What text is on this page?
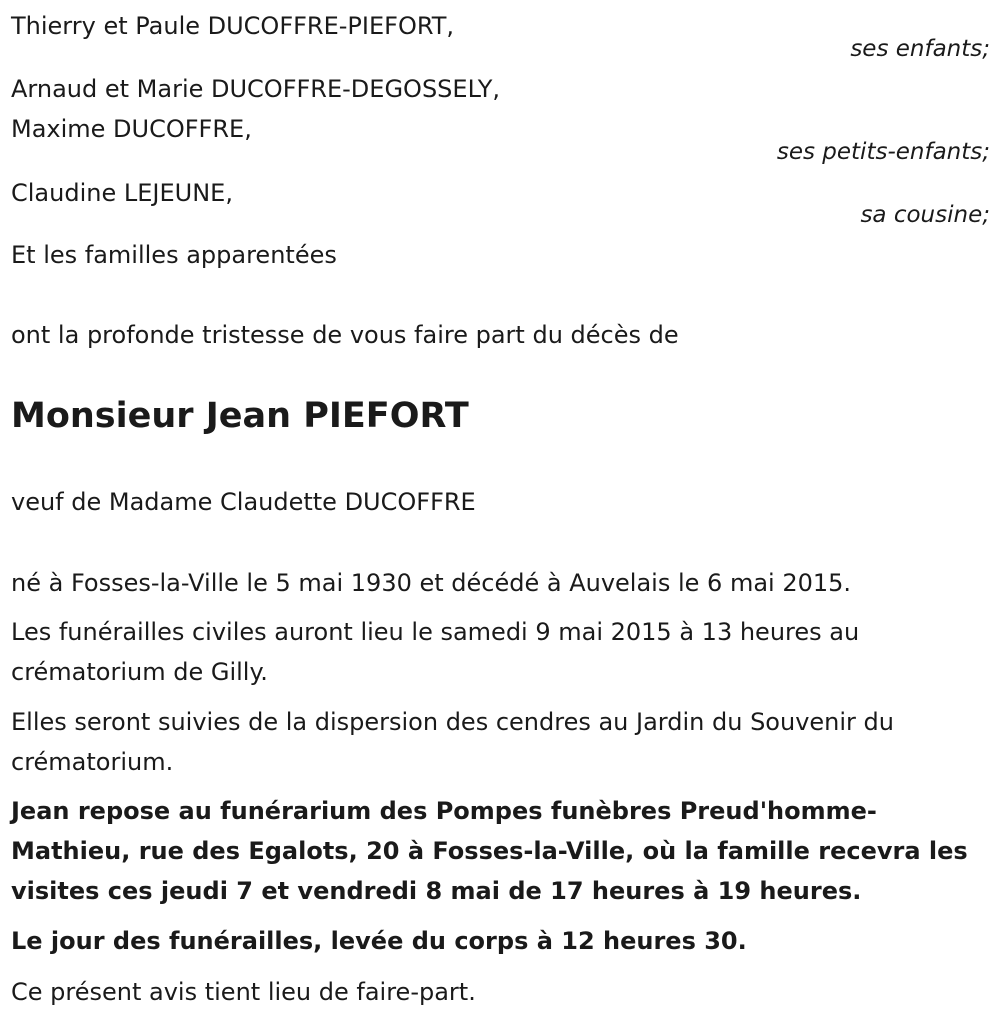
Thierry et Paule DUCOFFRE-PIEFORT,
ses enfants;
Arnaud et Marie DUCOFFRE-DEGOSSELY,
Maxime DUCOFFRE,
ses petits-enfants;
Claudine LEJEUNE,
sa cousine;
Et les familles apparentées
ont la profonde tristesse de vous faire part du décès de
Monsieur Jean PIEFORT
veuf de Madame Claudette DUCOFFRE
né à Fosses-la-Ville le 5 mai 1930 et décédé à Auvelais le 6 mai 2015.
Les funérailles civiles auront lieu le samedi 9 mai 2015 à 13 heures au crématorium de Gilly.
Elles seront suivies de la dispersion des cendres au Jardin du Souvenir du crématorium.
Jean repose au funérarium des Pompes funèbres Preud'homme-Mathieu, rue des Egalots, 20 à Fosses-la-Ville, où la famille recevra les visites ces jeudi 7 et vendredi 8 mai de 17 heures à 19 heures.
Le jour des funérailles, levée du corps à 12 heures 30.
Ce présent avis tient lieu de faire-part.
